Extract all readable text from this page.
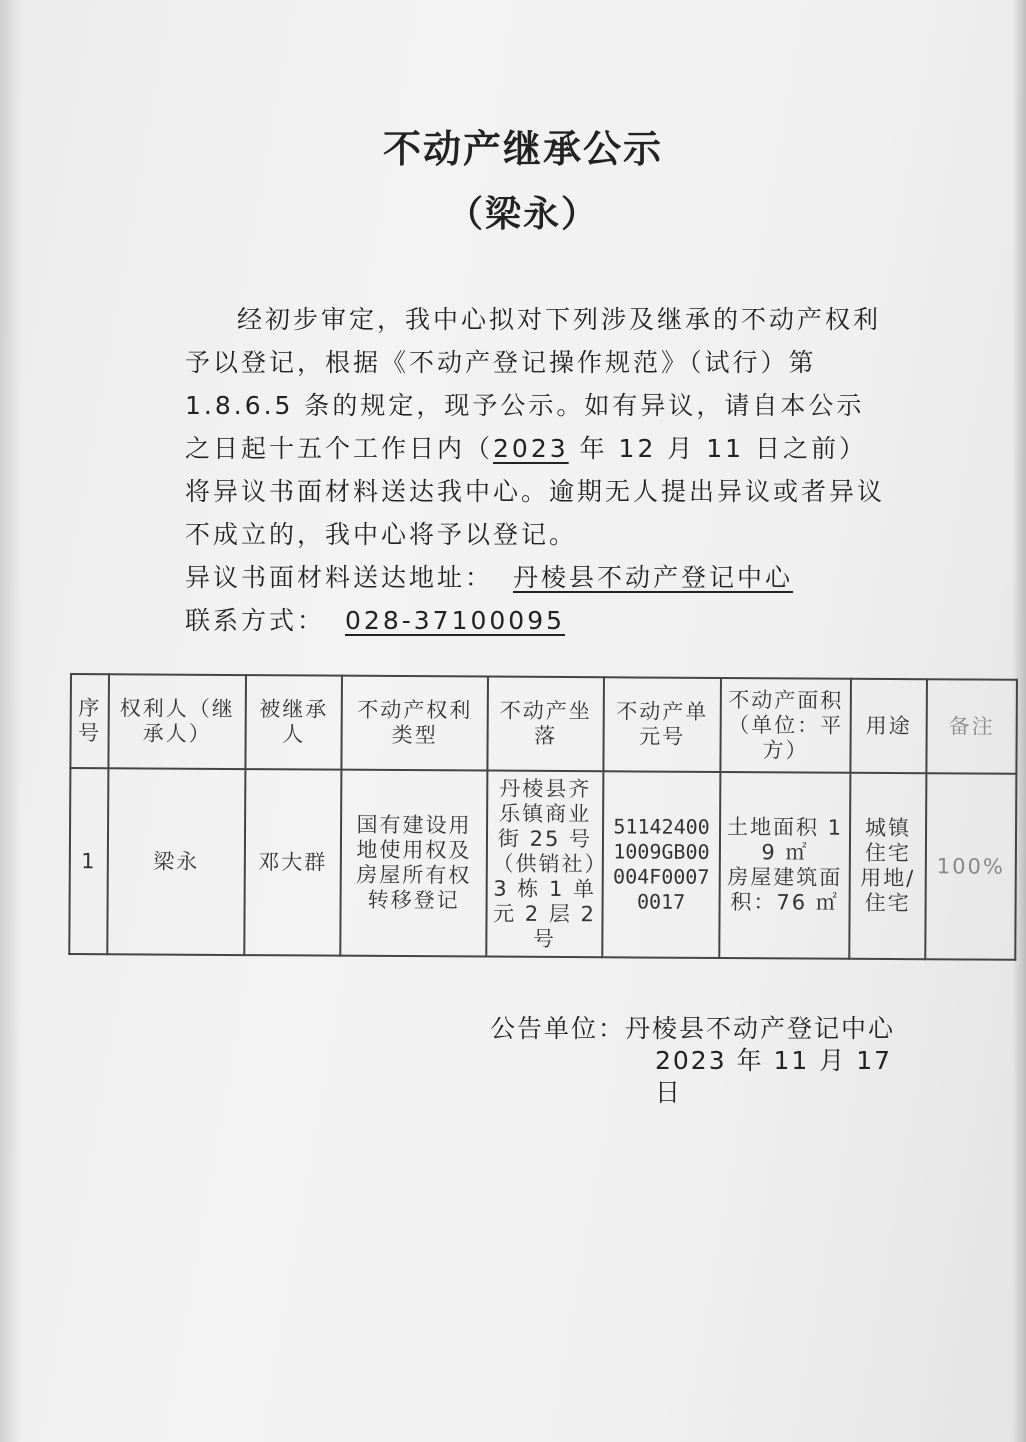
不动产继承公示
（梁永）

经初步审定，我中心拟对下列涉及继承的不动产权利予以登记，根据《不动产登记操作规范》（试行）第 1.8.6.5 条的规定，现予公示。如有异议，请自本公示之日起十五个工作日内（2023 年 12 月 11 日之前）将异议书面材料送达我中心。逾期无人提出异议或者异议不成立的，我中心将予以登记。

异议书面材料送达地址： 丹棱县不动产登记中心

联系方式： 028-37100095

序号	权利人（继承人）	被继承人	不动产权利类型	不动产坐落	不动产单元号	不动产面积（单位：平方）	用途	备注
1	梁永	邓大群	国有建设用地使用权及房屋所有权转移登记	丹棱县齐乐镇商业街 25 号（供销社）3 栋 1 单元 2 层 2 号	511424001009GB00004F00070017	土地面积 19 ㎡
房屋建筑面积：76 ㎡	城镇住宅用地/住宅	100%
公告单位：丹棱县不动产登记中心
2023 年 11 月 17 日
